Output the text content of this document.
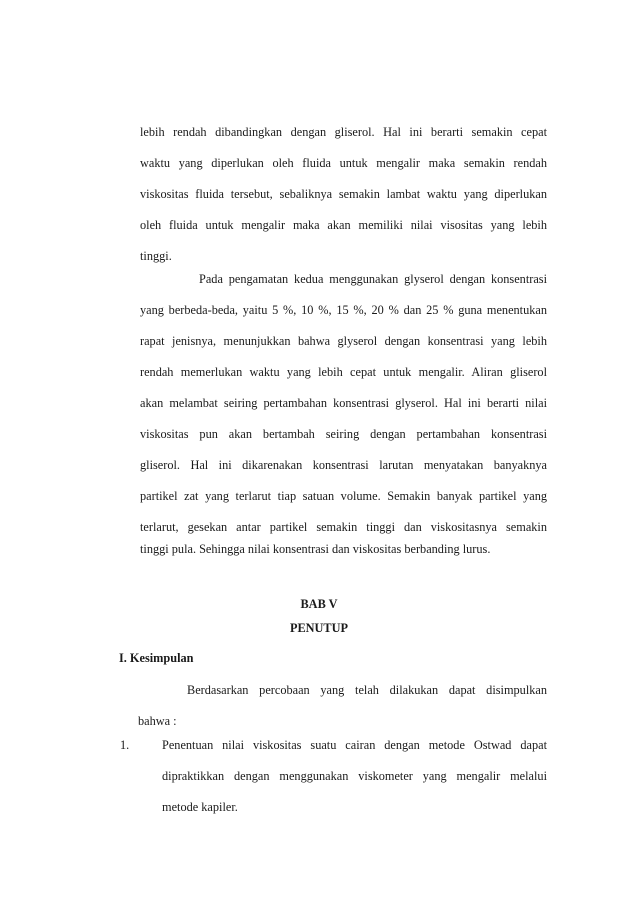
lebih rendah dibandingkan dengan gliserol. Hal ini berarti semakin cepat
waktu yang diperlukan oleh fluida untuk mengalir maka semakin rendah
viskositas fluida tersebut, sebaliknya semakin lambat waktu yang diperlukan
oleh fluida untuk mengalir maka akan memiliki nilai visositas yang lebih
tinggi.
Pada pengamatan kedua menggunakan glyserol dengan konsentrasi
yang berbeda-beda, yaitu 5 %, 10 %, 15 %, 20 % dan 25 % guna menentukan
rapat jenisnya, menunjukkan bahwa glyserol dengan konsentrasi yang lebih
rendah memerlukan waktu yang lebih cepat untuk mengalir. Aliran gliserol
akan melambat seiring pertambahan konsentrasi glyserol. Hal ini berarti nilai
viskositas pun akan bertambah seiring dengan pertambahan konsentrasi
gliserol. Hal ini dikarenakan konsentrasi larutan menyatakan banyaknya
partikel zat yang terlarut tiap satuan volume. Semakin banyak partikel yang
terlarut, gesekan antar partikel semakin tinggi dan viskositasnya semakin
tinggi pula. Sehingga nilai konsentrasi dan viskositas berbanding lurus.
BAB V
PENUTUP
I. Kesimpulan
Berdasarkan percobaan yang telah dilakukan dapat disimpulkan
bahwa :
1.	Penentuan nilai viskositas suatu cairan dengan metode Ostwad dapat
dipraktikkan dengan menggunakan viskometer yang mengalir melalui
metode kapiler.
